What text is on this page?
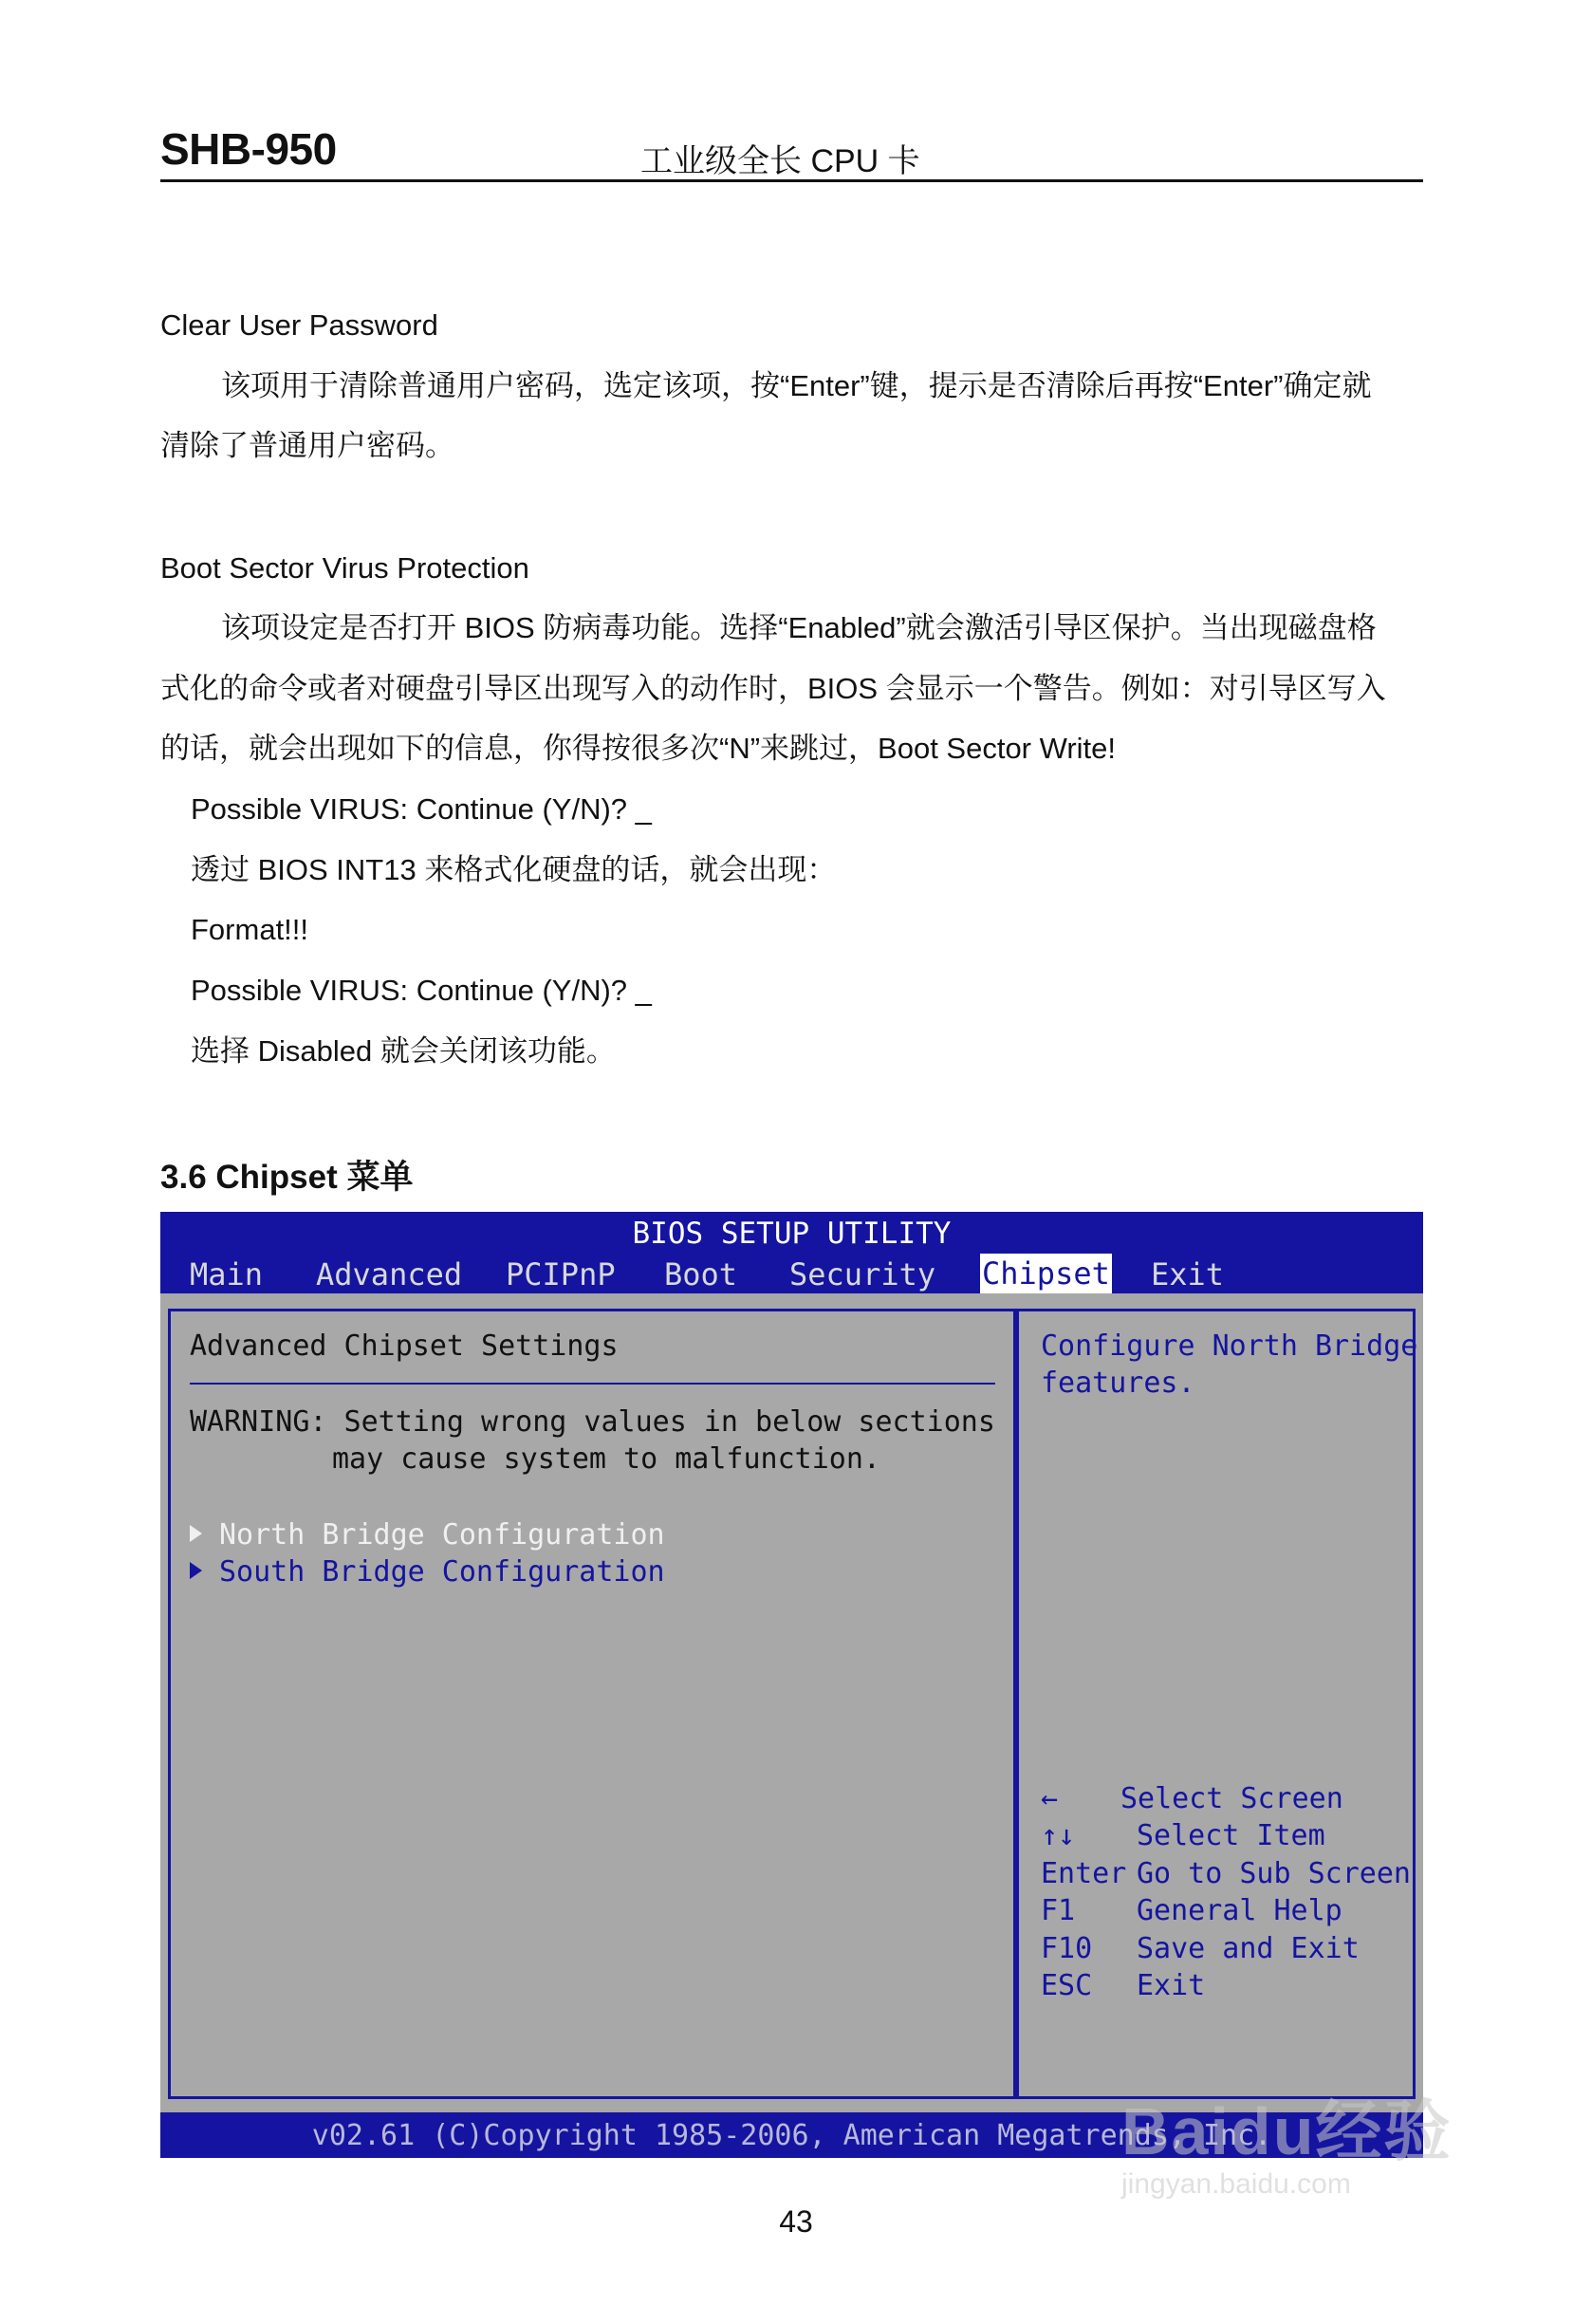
SHB-950	工业级全长 CPU 卡
Clear User Password
该项用于清除普通用户密码，选定该项，按“Enter”键，提示是否清除后再按“Enter”确定就
清除了普通用户密码。
Boot Sector Virus Protection
该项设定是否打开 BIOS 防病毒功能。选择“Enabled”就会激活引导区保护。当出现磁盘格
式化的命令或者对硬盘引导区出现写入的动作时，BIOS 会显示一个警告。例如：对引导区写入
的话，就会出现如下的信息，你得按很多次“N”来跳过，Boot Sector Write!
Possible VIRUS: Continue (Y/N)? _
透过 BIOS INT13 来格式化硬盘的话，就会出现：
Format!!!
Possible VIRUS: Continue (Y/N)? _
选择 Disabled 就会关闭该功能。
3.6 Chipset 菜单
BIOS SETUP UTILITY
Main Advanced PCIPnP Boot Security Chipset Exit
Advanced Chipset Settings
WARNING: Setting wrong values in below sections
may cause system to malfunction.
North Bridge Configuration
South Bridge Configuration
Configure North Bridge
features.
← Select Screen
↑↓ Select Item
Enter Go to Sub Screen
F1 General Help
F10 Save and Exit
ESC Exit
v02.61 (C)Copyright 1985-2006, American Megatrends, Inc.
43
Baidu经验
jingyan.baidu.com
